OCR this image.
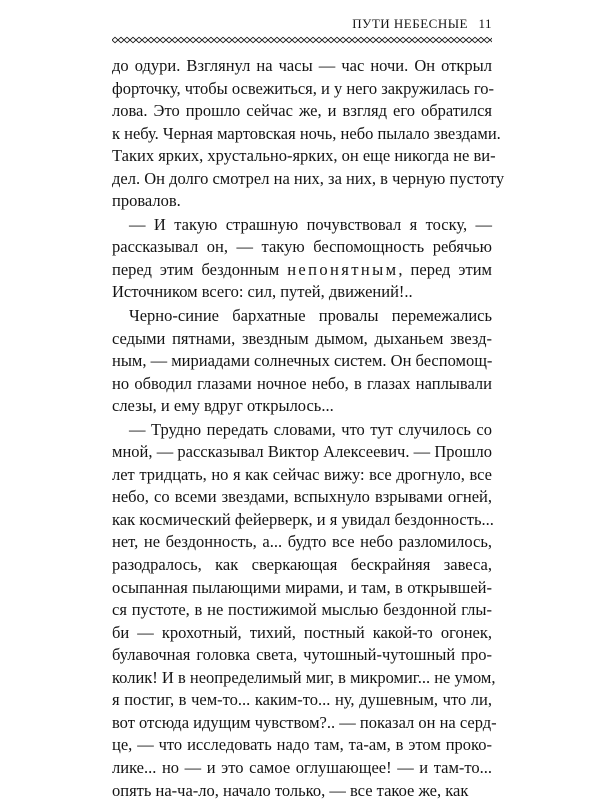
ПУТИ НЕБЕСНЫЕ 11
до одури. Взглянул на часы — час ночи. Он открыл
форточку, чтобы освежиться, и у него закружилась го-
лова. Это прошло сейчас же, и взгляд его обратился
к небу. Черная мартовская ночь, небо пылало звездами.
Таких ярких, хрустально-ярких, он еще никогда не ви-
дел. Он долго смотрел на них, за них, в черную пустоту
провалов.
— И такую страшную почувствовал я тоску, —
рассказывал он, — такую беспомощность ребячью
перед этим бездонным непонятным, перед этим
Источником всего: сил, путей, движений!..
Черно-синие бархатные провалы перемежались
седыми пятнами, звездным дымом, дыханьем звезд-
ным, — мириадами солнечных систем. Он беспомощ-
но обводил глазами ночное небо, в глазах наплывали
слезы, и ему вдруг открылось...
— Трудно передать словами, что тут случилось со
мной, — рассказывал Виктор Алексеевич. — Прошло
лет тридцать, но я как сейчас вижу: все дрогнуло, все
небо, со всеми звездами, вспыхнуло взрывами огней,
как космический фейерверк, и я увидал бездонность...
нет, не бездонность, а... будто все небо разломилось,
разодралось, как сверкающая бескрайняя завеса,
осыпанная пылающими мирами, и там, в открывшей-
ся пустоте, в не постижимой мыслью бездонной глы-
би — крохотный, тихий, постный какой-то огонек,
булавочная головка света, чутошный-чутошный про-
колик! И в неопределимый миг, в микромиг... не умом,
я постиг, в чем-то... каким-то... ну, душевным, что ли,
вот отсюда идущим чувством?.. — показал он на серд-
це, — что исследовать надо там, та-ам, в этом проко-
лике... но — и это самое оглушающее! — и там-то...
опять на-ча-ло, начало только, — все такое же, как
